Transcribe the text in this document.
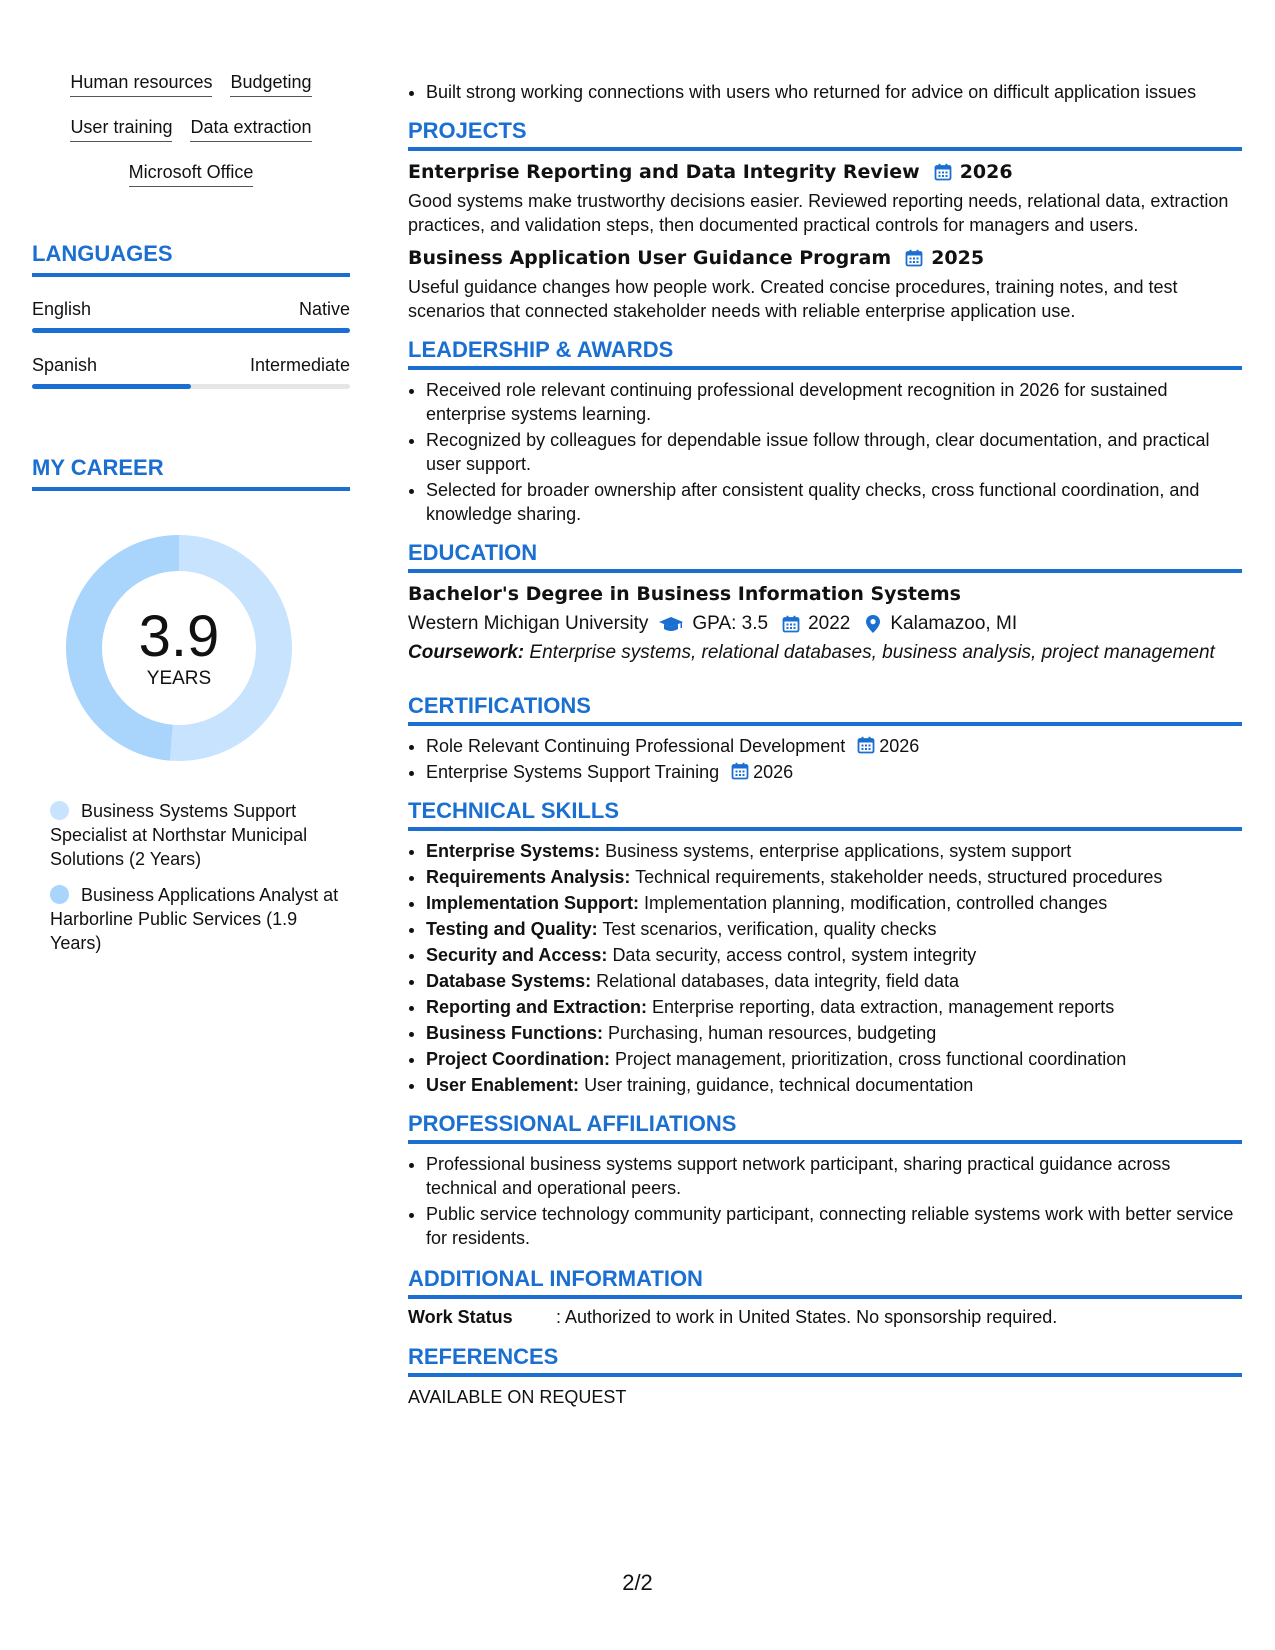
Human resources Budgeting
User training Data extraction
Microsoft Office
LANGUAGES
English	Native
Spanish	Intermediate
MY CAREER
3.9
YEARS
Business Systems Support Specialist at Northstar Municipal Solutions (2 Years)
Business Applications Analyst at Harborline Public Services (1.9 Years)
• Built strong working connections with users who returned for advice on difficult application issues
PROJECTS
Enterprise Reporting and Data Integrity Review 2026
Good systems make trustworthy decisions easier. Reviewed reporting needs, relational data, extraction practices, and validation steps, then documented practical controls for managers and users.
Business Application User Guidance Program 2025
Useful guidance changes how people work. Created concise procedures, training notes, and test scenarios that connected stakeholder needs with reliable enterprise application use.
LEADERSHIP & AWARDS
• Received role relevant continuing professional development recognition in 2026 for sustained enterprise systems learning.
• Recognized by colleagues for dependable issue follow through, clear documentation, and practical user support.
• Selected for broader ownership after consistent quality checks, cross functional coordination, and knowledge sharing.
EDUCATION
Bachelor's Degree in Business Information Systems
Western Michigan University GPA: 3.5 2022 Kalamazoo, MI
Coursework: Enterprise systems, relational databases, business analysis, project management
CERTIFICATIONS
• Role Relevant Continuing Professional Development 2026
• Enterprise Systems Support Training 2026
TECHNICAL SKILLS
• Enterprise Systems: Business systems, enterprise applications, system support
• Requirements Analysis: Technical requirements, stakeholder needs, structured procedures
• Implementation Support: Implementation planning, modification, controlled changes
• Testing and Quality: Test scenarios, verification, quality checks
• Security and Access: Data security, access control, system integrity
• Database Systems: Relational databases, data integrity, field data
• Reporting and Extraction: Enterprise reporting, data extraction, management reports
• Business Functions: Purchasing, human resources, budgeting
• Project Coordination: Project management, prioritization, cross functional coordination
• User Enablement: User training, guidance, technical documentation
PROFESSIONAL AFFILIATIONS
• Professional business systems support network participant, sharing practical guidance across technical and operational peers.
• Public service technology community participant, connecting reliable systems work with better service for residents.
ADDITIONAL INFORMATION
Work Status	: Authorized to work in United States. No sponsorship required.
REFERENCES
AVAILABLE ON REQUEST
2/2
